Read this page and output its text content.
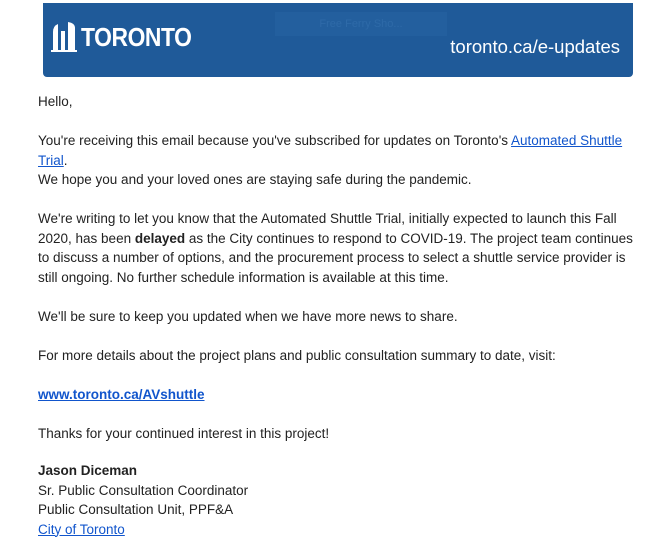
Free Ferry Sho...
TORONTO	toronto.ca/e-updates

Hello,

You're receiving this email because you've subscribed for updates on Toronto's Automated Shuttle Trial.
We hope you and your loved ones are staying safe during the pandemic.

We're writing to let you know that the Automated Shuttle Trial, initially expected to launch this Fall 2020, has been delayed as the City continues to respond to COVID-19. The project team continues to discuss a number of options, and the procurement process to select a shuttle service provider is still ongoing. No further schedule information is available at this time.

We'll be sure to keep you updated when we have more news to share.

For more details about the project plans and public consultation summary to date, visit:

www.toronto.ca/AVshuttle

Thanks for your continued interest in this project!

Jason Diceman
Sr. Public Consultation Coordinator
Public Consultation Unit, PPF&A
City of Toronto
